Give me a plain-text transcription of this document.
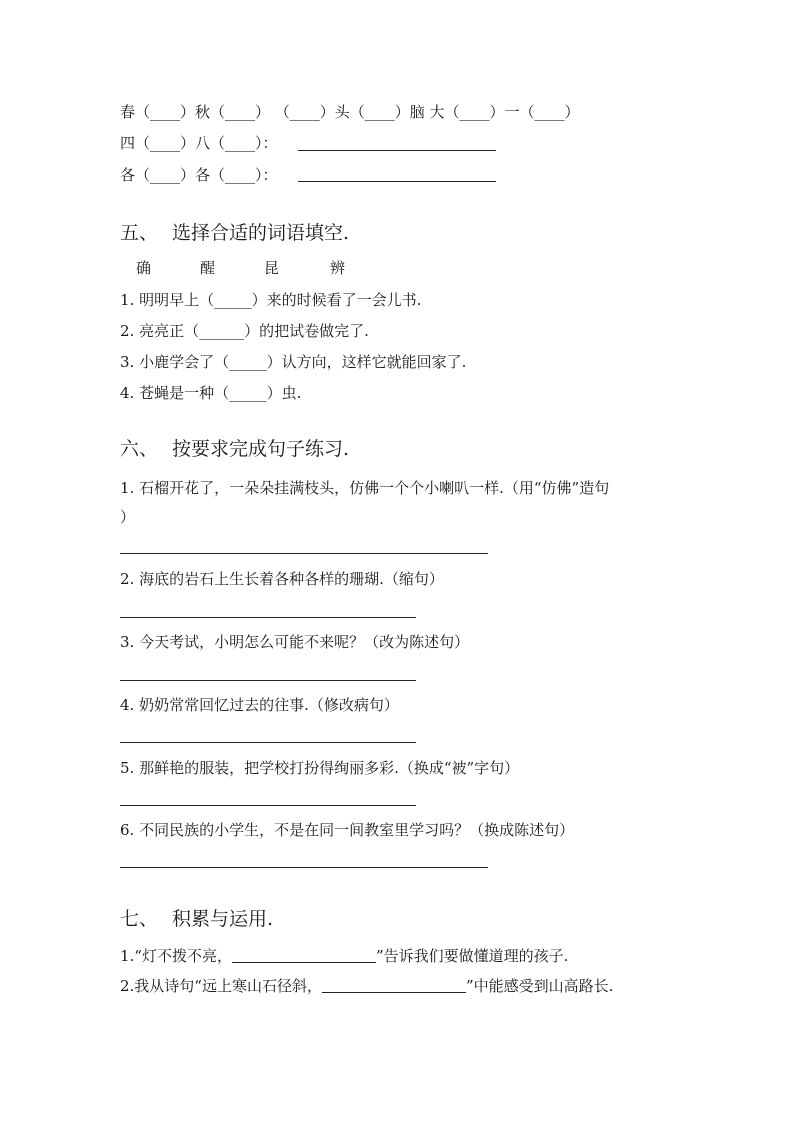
春（____）秋（____） （____）头（____）脑 大（____）一（____）
四（____）八（____）：
各（____）各（____）：
五、 选择合适的词语填空.
确	醒	昆	辨
1. 明明早上（_____）来的时候看了一会儿书.
2. 亮亮正（______）的把试卷做完了.
3. 小鹿学会了（_____）认方向，这样它就能回家了.
4. 苍蝇是一种（_____）虫.
六、 按要求完成句子练习.
1. 石榴开花了，一朵朵挂满枝头，仿佛一个个小喇叭一样.（用“仿佛”造句
）
2. 海底的岩石上生长着各种各样的珊瑚.（缩句）
3. 今天考试，小明怎么可能不来呢？（改为陈述句）
4. 奶奶常常回忆过去的往事.（修改病句）
5. 那鲜艳的服装，把学校打扮得绚丽多彩.（换成“被”字句）
6. 不同民族的小学生，不是在同一间教室里学习吗？（换成陈述句）
七、 积累与运用.
1.“灯不拨不亮，	”告诉我们要做懂道理的孩子.
2.我从诗句“远上寒山石径斜，	”中能感受到山高路长.
